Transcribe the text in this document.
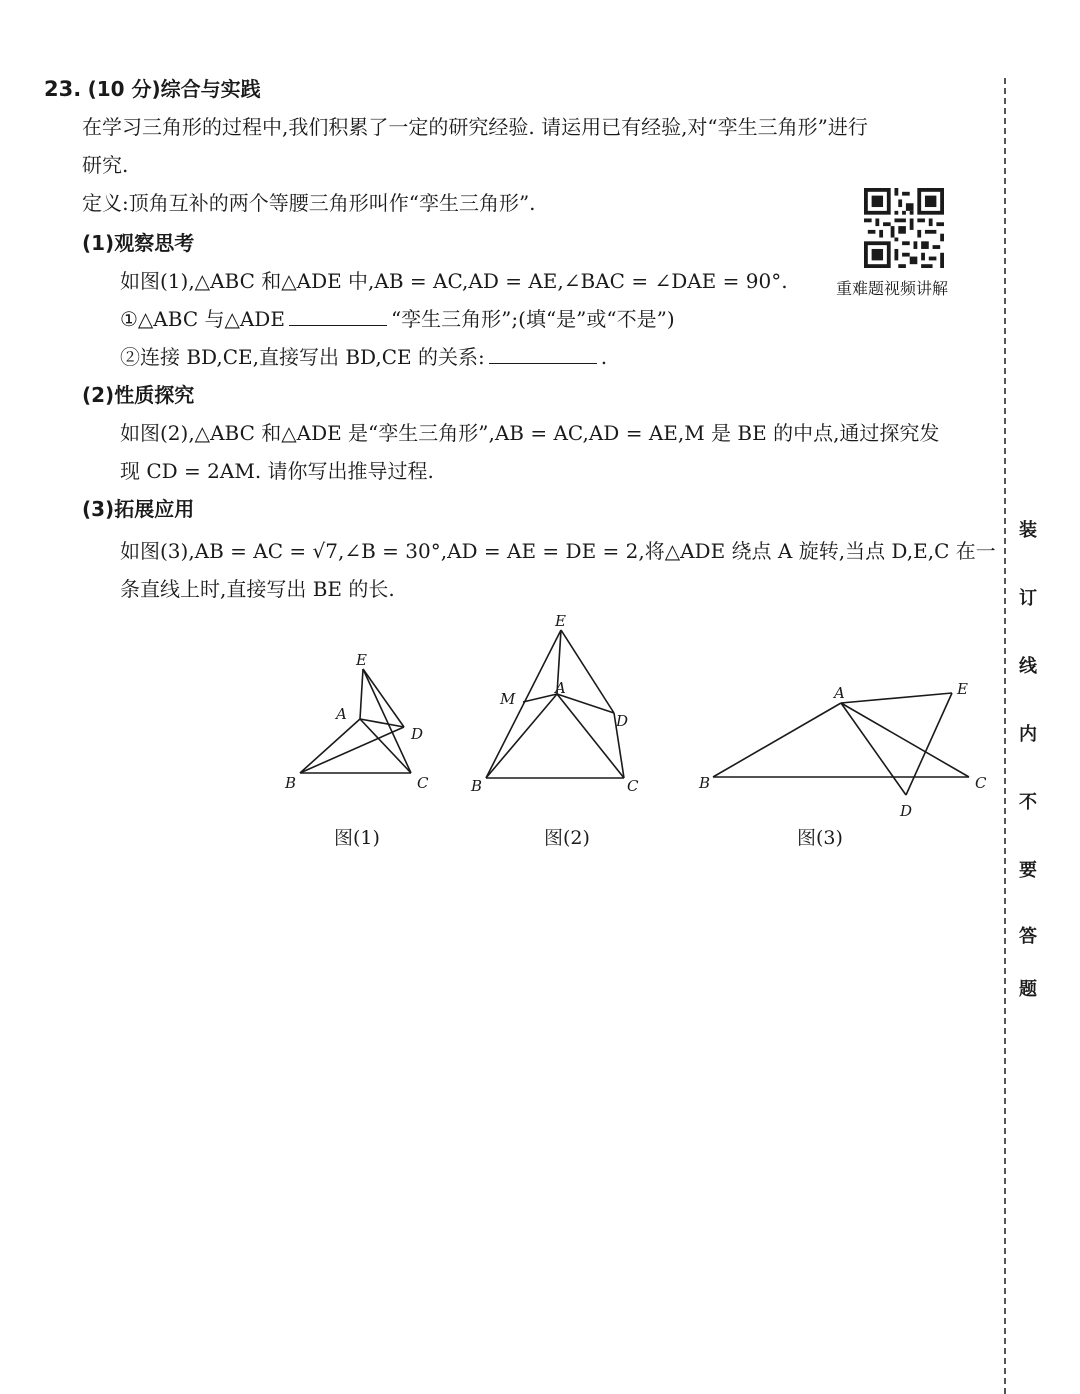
23. (10 分)综合与实践
在学习三角形的过程中,我们积累了一定的研究经验. 请运用已有经验,对“孪生三角形”进行
研究.
定义:顶角互补的两个等腰三角形叫作“孪生三角形”.
(1)观察思考
如图(1),△ABC 和△ADE 中,AB = AC,AD = AE,∠BAC = ∠DAE = 90°.
①△ABC 与△ADE	“孪生三角形”;(填“是”或“不是”)
②连接 BD,CE,直接写出 BD,CE 的关系:	.
(2)性质探究
如图(2),△ABC 和△ADE 是“孪生三角形”,AB = AC,AD = AE,M 是 BE 的中点,通过探究发
现 CD = 2AM. 请你写出推导过程.
(3)拓展应用
如图(3),AB = AC = √7,∠B = 30°,AD = AE = DE = 2,将△ADE 绕点 A 旋转,当点 D,E,C 在一
条直线上时,直接写出 BE 的长.
重难题视频讲解
装
订
线
内
不
要
答
题
E
A
D
B	C
图(1)
E
M
A
D
B	C
图(2)
A	E
B	C
D
图(3)
